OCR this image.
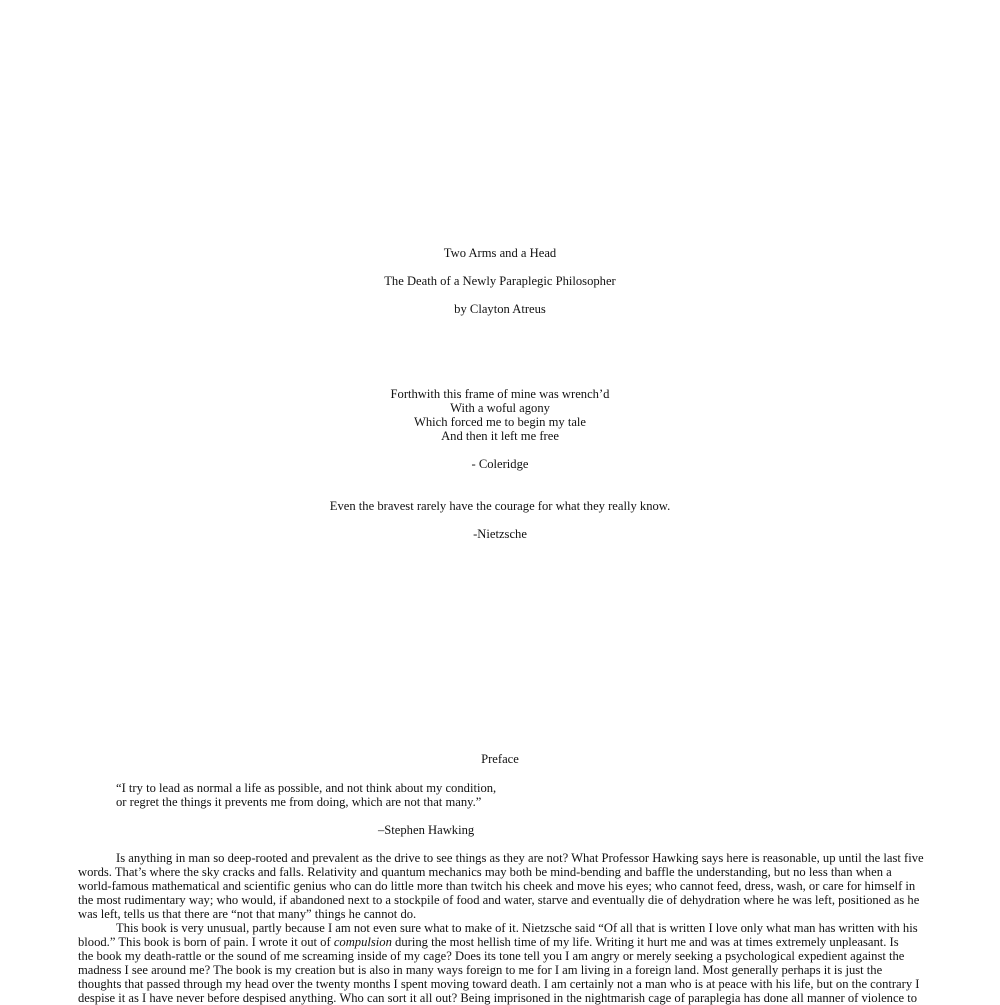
Two Arms and a Head
The Death of a Newly Paraplegic Philosopher
by Clayton Atreus
Forthwith this frame of mine was wrench’d
With a woful agony
Which forced me to begin my tale
And then it left me free
- Coleridge
Even the bravest rarely have the courage for what they really know.
-Nietzsche
Preface
“I try to lead as normal a life as possible, and not think about my condition,
or regret the things it prevents me from doing, which are not that many.”
–Stephen Hawking
Is anything in man so deep-rooted and prevalent as the drive to see things as they are not? What Professor Hawking says here is reasonable, up until the last five
words. That’s where the sky cracks and falls. Relativity and quantum mechanics may both be mind-bending and baffle the understanding, but no less than when a
world-famous mathematical and scientific genius who can do little more than twitch his cheek and move his eyes; who cannot feed, dress, wash, or care for himself in
the most rudimentary way; who would, if abandoned next to a stockpile of food and water, starve and eventually die of dehydration where he was left, positioned as he
was left, tells us that there are “not that many” things he cannot do.
This book is very unusual, partly because I am not even sure what to make of it. Nietzsche said “Of all that is written I love only what man has written with his
blood.” This book is born of pain. I wrote it out of compulsion during the most hellish time of my life. Writing it hurt me and was at times extremely unpleasant. Is
the book my death-rattle or the sound of me screaming inside of my cage? Does its tone tell you I am angry or merely seeking a psychological expedient against the
madness I see around me? The book is my creation but is also in many ways foreign to me for I am living in a foreign land. Most generally perhaps it is just the
thoughts that passed through my head over the twenty months I spent moving toward death. I am certainly not a man who is at peace with his life, but on the contrary I
despise it as I have never before despised anything. Who can sort it all out? Being imprisoned in the nightmarish cage of paraplegia has done all manner of violence to
